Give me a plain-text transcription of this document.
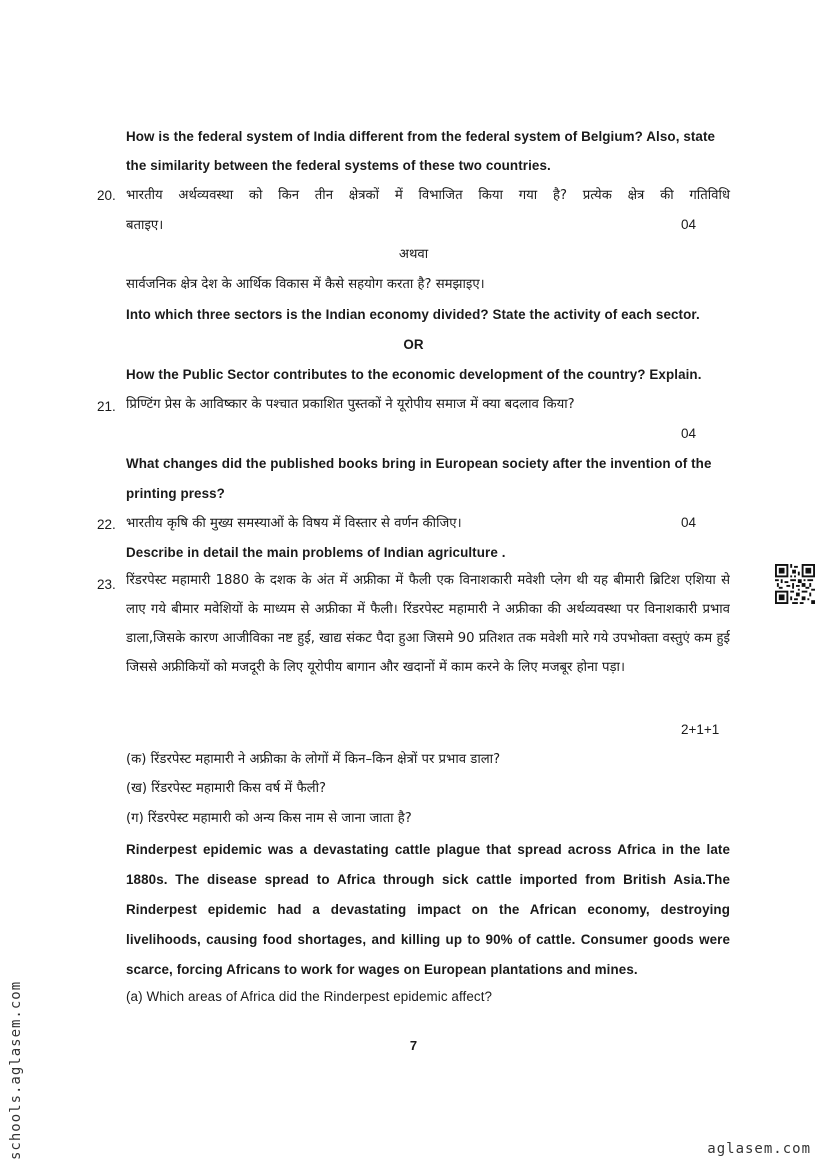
How is the federal system of India different from the federal system of Belgium? Also, state
the similarity between the federal systems of these two countries.
20. भारतीय अर्थव्यवस्था को किन तीन क्षेत्रकों में विभाजित किया गया है? प्रत्येक क्षेत्र की गतिविधि
बताइए।	04
अथवा
सार्वजनिक क्षेत्र देश के आर्थिक विकास में कैसे सहयोग करता है? समझाइए।
Into which three sectors is the Indian economy divided? State the activity of each sector.
OR
How the Public Sector contributes to the economic development of the country? Explain.
21. प्रिण्टिंग प्रेस के आविष्कार के पश्चात प्रकाशित पुस्तकों ने यूरोपीय समाज में क्या बदलाव किया?
04
What changes did the published books bring in European society after the invention of the
printing press?
22. भारतीय कृषि की मुख्य समस्याओं के विषय में विस्तार से वर्णन कीजिए।	04
Describe in detail the main problems of Indian agriculture .
23. रिंडरपेस्ट महामारी 1880 के दशक के अंत में अफ्रीका में फैली एक विनाशकारी मवेशी प्लेग थी यह बीमारी ब्रिटिश एशिया से लाए गये बीमार मवेशियों के माध्यम से अफ्रीका में फैली। रिंडरपेस्ट महामारी ने अफ्रीका की अर्थव्यवस्था पर विनाशकारी प्रभाव डाला,जिसके कारण आजीविका नष्ट हुई, खाद्य संकट पैदा हुआ जिसमे 90 प्रतिशत तक मवेशी मारे गये उपभोक्ता वस्तुएं कम हुई जिससे अफ्रीकियों को मजदूरी के लिए यूरोपीय बागान और खदानों में काम करने के लिए मजबूर होना पड़ा।
2+1+1
(क) रिंडरपेस्ट महामारी ने अफ्रीका के लोगों में किन–किन क्षेत्रों पर प्रभाव डाला?
(ख) रिंडरपेस्ट महामारी किस वर्ष में फैली?
(ग) रिंडरपेस्ट महामारी को अन्य किस नाम से जाना जाता है?
Rinderpest epidemic was a devastating cattle plague that spread across Africa in the late 1880s. The disease spread to Africa through sick cattle imported from British Asia.The Rinderpest epidemic had a devastating impact on the African economy, destroying livelihoods, causing food shortages, and killing up to 90% of cattle. Consumer goods were scarce, forcing Africans to work for wages on European plantations and mines.
(a) Which areas of Africa did the Rinderpest epidemic affect?
7
schools.aglasem.com	aglasem.com
